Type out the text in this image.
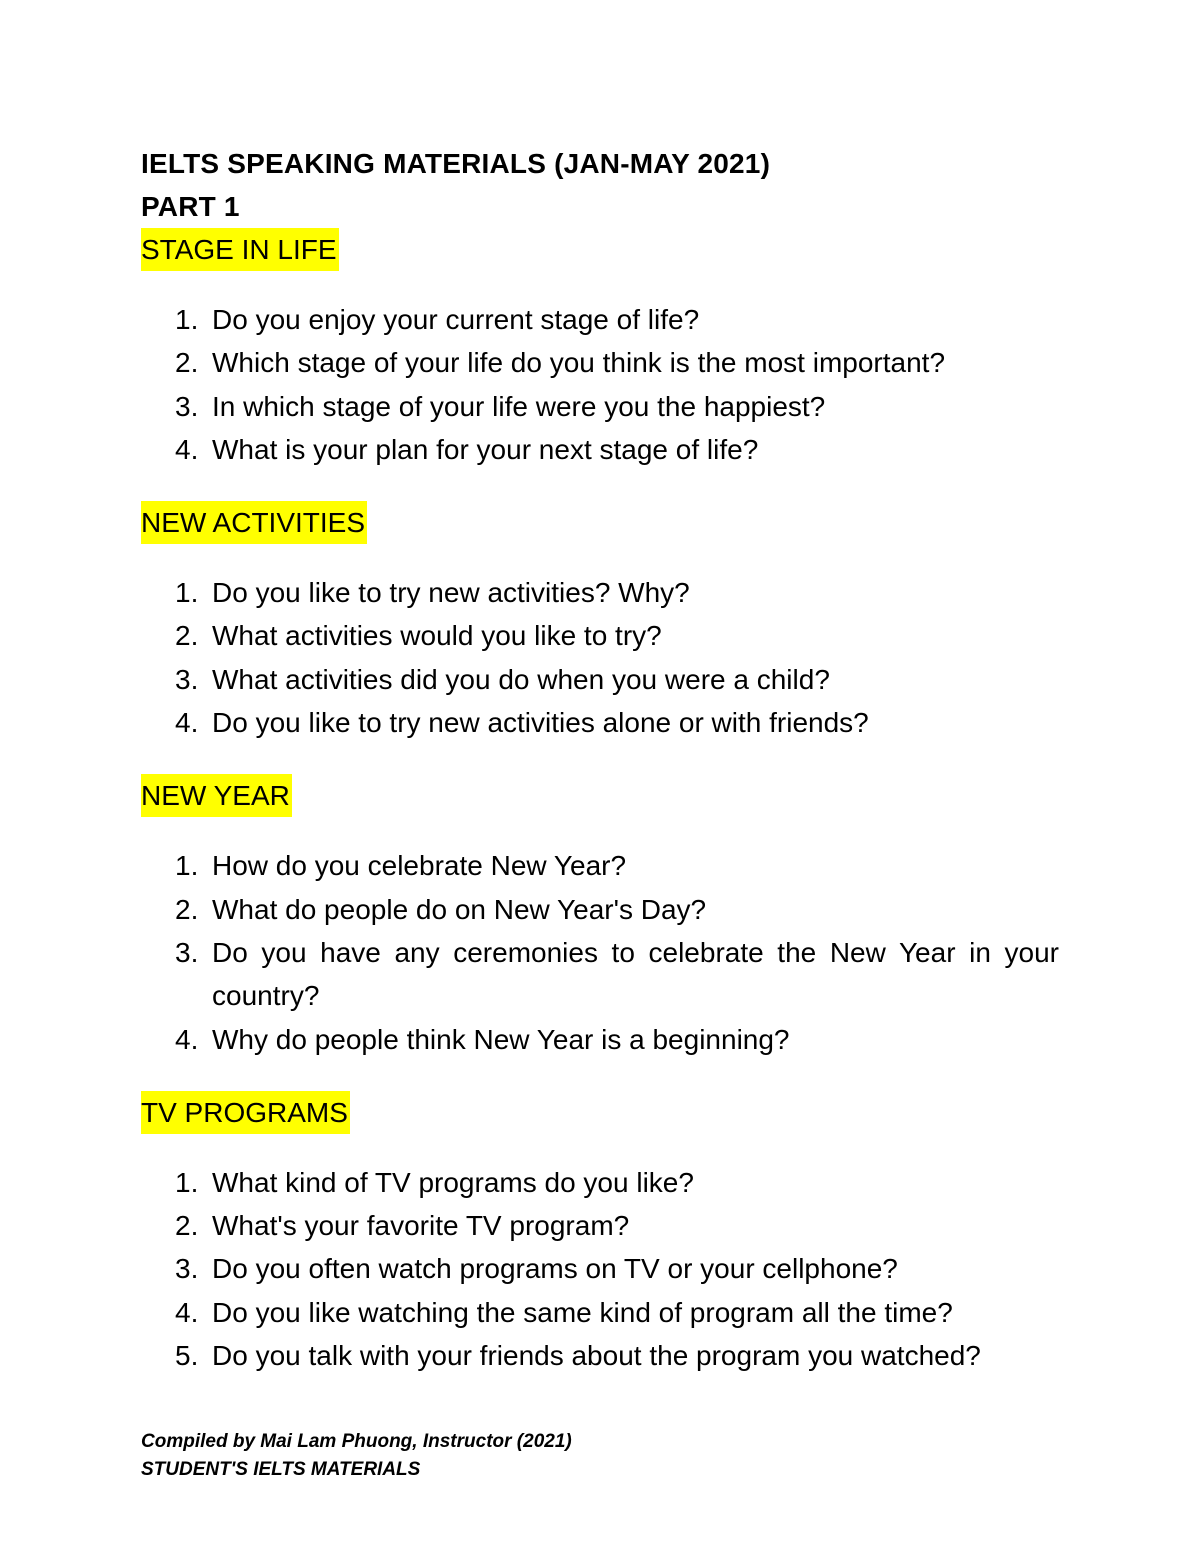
IELTS SPEAKING MATERIALS (JAN-MAY 2021)
PART 1
STAGE IN LIFE
1. Do you enjoy your current stage of life?
2. Which stage of your life do you think is the most important?
3. In which stage of your life were you the happiest?
4. What is your plan for your next stage of life?
NEW ACTIVITIES
1. Do you like to try new activities? Why?
2. What activities would you like to try?
3. What activities did you do when you were a child?
4. Do you like to try new activities alone or with friends?
NEW YEAR
1. How do you celebrate New Year?
2. What do people do on New Year's Day?
3. Do you have any ceremonies to celebrate the New Year in your country?
4. Why do people think New Year is a beginning?
TV PROGRAMS
1. What kind of TV programs do you like?
2. What's your favorite TV program?
3. Do you often watch programs on TV or your cellphone?
4. Do you like watching the same kind of program all the time?
5. Do you talk with your friends about the program you watched?
Compiled by Mai Lam Phuong, Instructor (2021)
STUDENT'S IELTS MATERIALS
